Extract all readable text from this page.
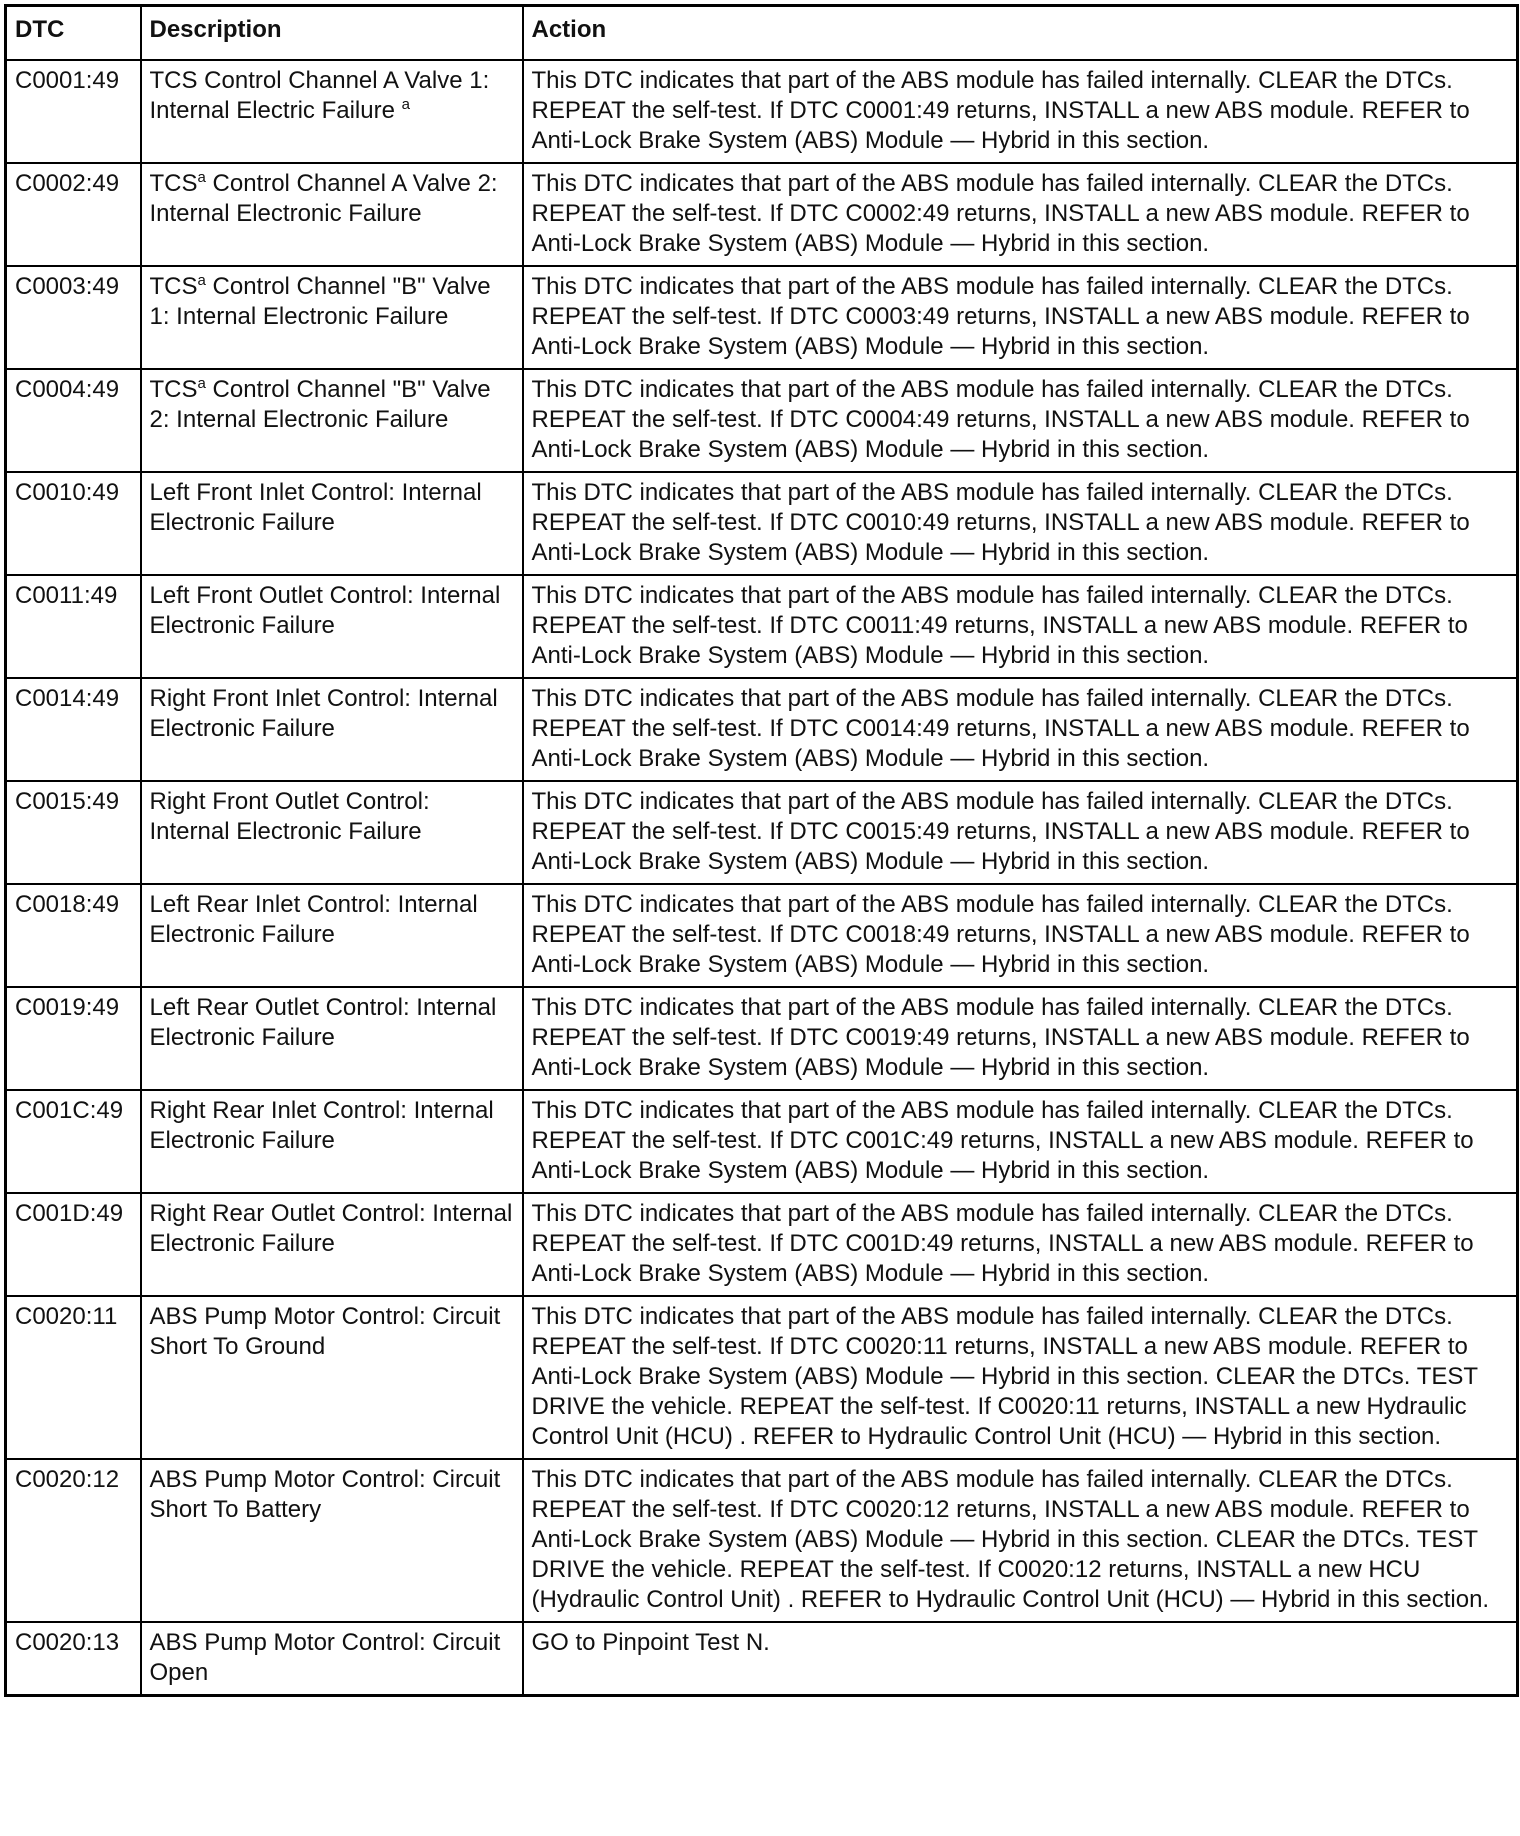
DTC	Description	Action
C0001:49	TCS Control Channel A Valve 1: Internal Electric Failure $^a$	This DTC indicates that part of the ABS module has failed internally. CLEAR the DTCs. REPEAT the self-test. If DTC C0001:49 returns, INSTALL a new ABS module. REFER to Anti-Lock Brake System (ABS) Module — Hybrid in this section.
C0002:49	TCS$^a$ Control Channel A Valve 2: Internal Electronic Failure	This DTC indicates that part of the ABS module has failed internally. CLEAR the DTCs. REPEAT the self-test. If DTC C0002:49 returns, INSTALL a new ABS module. REFER to Anti-Lock Brake System (ABS) Module — Hybrid in this section.
C0003:49	TCS$^a$ Control Channel "B" Valve 1: Internal Electronic Failure	This DTC indicates that part of the ABS module has failed internally. CLEAR the DTCs. REPEAT the self-test. If DTC C0003:49 returns, INSTALL a new ABS module. REFER to Anti-Lock Brake System (ABS) Module — Hybrid in this section.
C0004:49	TCS$^a$ Control Channel "B" Valve 2: Internal Electronic Failure	This DTC indicates that part of the ABS module has failed internally. CLEAR the DTCs. REPEAT the self-test. If DTC C0004:49 returns, INSTALL a new ABS module. REFER to Anti-Lock Brake System (ABS) Module — Hybrid in this section.
C0010:49	Left Front Inlet Control: Internal Electronic Failure	This DTC indicates that part of the ABS module has failed internally. CLEAR the DTCs. REPEAT the self-test. If DTC C0010:49 returns, INSTALL a new ABS module. REFER to Anti-Lock Brake System (ABS) Module — Hybrid in this section.
C0011:49	Left Front Outlet Control: Internal Electronic Failure	This DTC indicates that part of the ABS module has failed internally. CLEAR the DTCs. REPEAT the self-test. If DTC C0011:49 returns, INSTALL a new ABS module. REFER to Anti-Lock Brake System (ABS) Module — Hybrid in this section.
C0014:49	Right Front Inlet Control: Internal Electronic Failure	This DTC indicates that part of the ABS module has failed internally. CLEAR the DTCs. REPEAT the self-test. If DTC C0014:49 returns, INSTALL a new ABS module. REFER to Anti-Lock Brake System (ABS) Module — Hybrid in this section.
C0015:49	Right Front Outlet Control: Internal Electronic Failure	This DTC indicates that part of the ABS module has failed internally. CLEAR the DTCs. REPEAT the self-test. If DTC C0015:49 returns, INSTALL a new ABS module. REFER to Anti-Lock Brake System (ABS) Module — Hybrid in this section.
C0018:49	Left Rear Inlet Control: Internal Electronic Failure	This DTC indicates that part of the ABS module has failed internally. CLEAR the DTCs. REPEAT the self-test. If DTC C0018:49 returns, INSTALL a new ABS module. REFER to Anti-Lock Brake System (ABS) Module — Hybrid in this section.
C0019:49	Left Rear Outlet Control: Internal Electronic Failure	This DTC indicates that part of the ABS module has failed internally. CLEAR the DTCs. REPEAT the self-test. If DTC C0019:49 returns, INSTALL a new ABS module. REFER to Anti-Lock Brake System (ABS) Module — Hybrid in this section.
C001C:49	Right Rear Inlet Control: Internal Electronic Failure	This DTC indicates that part of the ABS module has failed internally. CLEAR the DTCs. REPEAT the self-test. If DTC C001C:49 returns, INSTALL a new ABS module. REFER to Anti-Lock Brake System (ABS) Module — Hybrid in this section.
C001D:49	Right Rear Outlet Control: Internal Electronic Failure	This DTC indicates that part of the ABS module has failed internally. CLEAR the DTCs. REPEAT the self-test. If DTC C001D:49 returns, INSTALL a new ABS module. REFER to Anti-Lock Brake System (ABS) Module — Hybrid in this section.
C0020:11	ABS Pump Motor Control: Circuit Short To Ground	This DTC indicates that part of the ABS module has failed internally. CLEAR the DTCs. REPEAT the self-test. If DTC C0020:11 returns, INSTALL a new ABS module. REFER to Anti-Lock Brake System (ABS) Module — Hybrid in this section. CLEAR the DTCs. TEST DRIVE the vehicle. REPEAT the self-test. If C0020:11 returns, INSTALL a new Hydraulic Control Unit (HCU) . REFER to Hydraulic Control Unit (HCU) — Hybrid in this section.
C0020:12	ABS Pump Motor Control: Circuit Short To Battery	This DTC indicates that part of the ABS module has failed internally. CLEAR the DTCs. REPEAT the self-test. If DTC C0020:12 returns, INSTALL a new ABS module. REFER to Anti-Lock Brake System (ABS) Module — Hybrid in this section. CLEAR the DTCs. TEST DRIVE the vehicle. REPEAT the self-test. If C0020:12 returns, INSTALL a new HCU (Hydraulic Control Unit) . REFER to Hydraulic Control Unit (HCU) — Hybrid in this section.
C0020:13	ABS Pump Motor Control: Circuit Open	GO to Pinpoint Test N.
